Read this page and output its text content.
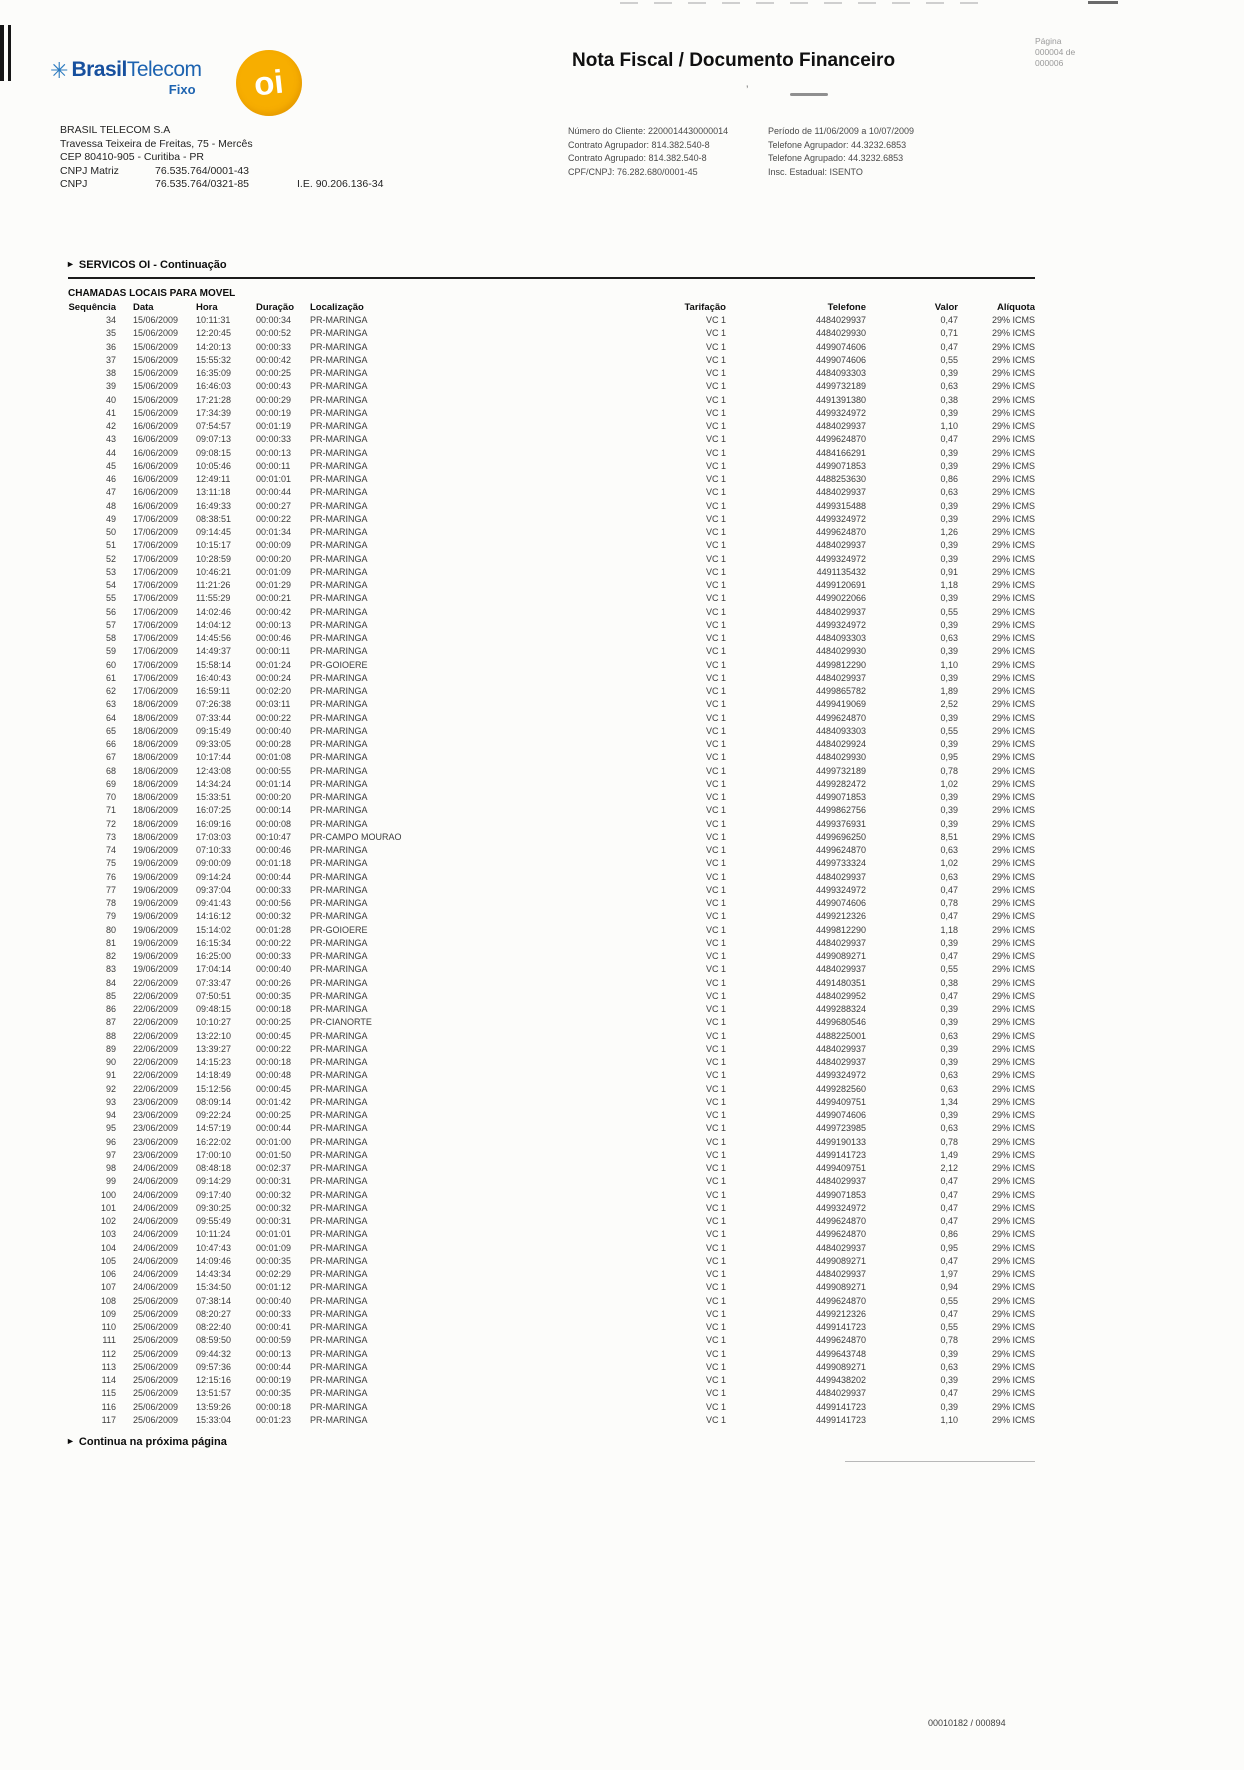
’
✳ BrasilTelecom
Fixo oi
Nota Fiscal / Documento Financeiro
Página
000004 de
000006
BRASIL TELECOM S.A
Travessa Teixeira de Freitas, 75 - Mercês
CEP 80410-905 - Curitiba - PR
CNPJ Matriz	76.535.764/0001-43
CNPJ	76.535.764/0321-85	I.E. 90.206.136-34
Número do Cliente: 2200014430000014
Contrato Agrupador: 814.382.540-8
Contrato Agrupado: 814.382.540-8
CPF/CNPJ: 76.282.680/0001-45
Período de 11/06/2009 a 10/07/2009
Telefone Agrupador: 44.3232.6853
Telefone Agrupado: 44.3232.6853
Insc. Estadual: ISENTO
► SERVICOS OI - Continuação
CHAMADAS LOCAIS PARA MOVEL
Sequência	Data	Hora	Duração	Localização	Tarifação	Telefone	Valor	Alíquota
34	15/06/2009	10:11:31	00:00:34	PR-MARINGA	VC 1	4484029937	0,47	29% ICMS
35	15/06/2009	12:20:45	00:00:52	PR-MARINGA	VC 1	4484029930	0,71	29% ICMS
36	15/06/2009	14:20:13	00:00:33	PR-MARINGA	VC 1	4499074606	0,47	29% ICMS
37	15/06/2009	15:55:32	00:00:42	PR-MARINGA	VC 1	4499074606	0,55	29% ICMS
38	15/06/2009	16:35:09	00:00:25	PR-MARINGA	VC 1	4484093303	0,39	29% ICMS
39	15/06/2009	16:46:03	00:00:43	PR-MARINGA	VC 1	4499732189	0,63	29% ICMS
40	15/06/2009	17:21:28	00:00:29	PR-MARINGA	VC 1	4491391380	0,38	29% ICMS
41	15/06/2009	17:34:39	00:00:19	PR-MARINGA	VC 1	4499324972	0,39	29% ICMS
42	16/06/2009	07:54:57	00:01:19	PR-MARINGA	VC 1	4484029937	1,10	29% ICMS
43	16/06/2009	09:07:13	00:00:33	PR-MARINGA	VC 1	4499624870	0,47	29% ICMS
44	16/06/2009	09:08:15	00:00:13	PR-MARINGA	VC 1	4484166291	0,39	29% ICMS
45	16/06/2009	10:05:46	00:00:11	PR-MARINGA	VC 1	4499071853	0,39	29% ICMS
46	16/06/2009	12:49:11	00:01:01	PR-MARINGA	VC 1	4488253630	0,86	29% ICMS
47	16/06/2009	13:11:18	00:00:44	PR-MARINGA	VC 1	4484029937	0,63	29% ICMS
48	16/06/2009	16:49:33	00:00:27	PR-MARINGA	VC 1	4499315488	0,39	29% ICMS
49	17/06/2009	08:38:51	00:00:22	PR-MARINGA	VC 1	4499324972	0,39	29% ICMS
50	17/06/2009	09:14:45	00:01:34	PR-MARINGA	VC 1	4499624870	1,26	29% ICMS
51	17/06/2009	10:15:17	00:00:09	PR-MARINGA	VC 1	4484029937	0,39	29% ICMS
52	17/06/2009	10:28:59	00:00:20	PR-MARINGA	VC 1	4499324972	0,39	29% ICMS
53	17/06/2009	10:46:21	00:01:09	PR-MARINGA	VC 1	4491135432	0,91	29% ICMS
54	17/06/2009	11:21:26	00:01:29	PR-MARINGA	VC 1	4499120691	1,18	29% ICMS
55	17/06/2009	11:55:29	00:00:21	PR-MARINGA	VC 1	4499022066	0,39	29% ICMS
56	17/06/2009	14:02:46	00:00:42	PR-MARINGA	VC 1	4484029937	0,55	29% ICMS
57	17/06/2009	14:04:12	00:00:13	PR-MARINGA	VC 1	4499324972	0,39	29% ICMS
58	17/06/2009	14:45:56	00:00:46	PR-MARINGA	VC 1	4484093303	0,63	29% ICMS
59	17/06/2009	14:49:37	00:00:11	PR-MARINGA	VC 1	4484029930	0,39	29% ICMS
60	17/06/2009	15:58:14	00:01:24	PR-GOIOERE	VC 1	4499812290	1,10	29% ICMS
61	17/06/2009	16:40:43	00:00:24	PR-MARINGA	VC 1	4484029937	0,39	29% ICMS
62	17/06/2009	16:59:11	00:02:20	PR-MARINGA	VC 1	4499865782	1,89	29% ICMS
63	18/06/2009	07:26:38	00:03:11	PR-MARINGA	VC 1	4499419069	2,52	29% ICMS
64	18/06/2009	07:33:44	00:00:22	PR-MARINGA	VC 1	4499624870	0,39	29% ICMS
65	18/06/2009	09:15:49	00:00:40	PR-MARINGA	VC 1	4484093303	0,55	29% ICMS
66	18/06/2009	09:33:05	00:00:28	PR-MARINGA	VC 1	4484029924	0,39	29% ICMS
67	18/06/2009	10:17:44	00:01:08	PR-MARINGA	VC 1	4484029930	0,95	29% ICMS
68	18/06/2009	12:43:08	00:00:55	PR-MARINGA	VC 1	4499732189	0,78	29% ICMS
69	18/06/2009	14:34:24	00:01:14	PR-MARINGA	VC 1	4499282472	1,02	29% ICMS
70	18/06/2009	15:33:51	00:00:20	PR-MARINGA	VC 1	4499071853	0,39	29% ICMS
71	18/06/2009	16:07:25	00:00:14	PR-MARINGA	VC 1	4499862756	0,39	29% ICMS
72	18/06/2009	16:09:16	00:00:08	PR-MARINGA	VC 1	4499376931	0,39	29% ICMS
73	18/06/2009	17:03:03	00:10:47	PR-CAMPO MOURAO	VC 1	4499696250	8,51	29% ICMS
74	19/06/2009	07:10:33	00:00:46	PR-MARINGA	VC 1	4499624870	0,63	29% ICMS
75	19/06/2009	09:00:09	00:01:18	PR-MARINGA	VC 1	4499733324	1,02	29% ICMS
76	19/06/2009	09:14:24	00:00:44	PR-MARINGA	VC 1	4484029937	0,63	29% ICMS
77	19/06/2009	09:37:04	00:00:33	PR-MARINGA	VC 1	4499324972	0,47	29% ICMS
78	19/06/2009	09:41:43	00:00:56	PR-MARINGA	VC 1	4499074606	0,78	29% ICMS
79	19/06/2009	14:16:12	00:00:32	PR-MARINGA	VC 1	4499212326	0,47	29% ICMS
80	19/06/2009	15:14:02	00:01:28	PR-GOIOERE	VC 1	4499812290	1,18	29% ICMS
81	19/06/2009	16:15:34	00:00:22	PR-MARINGA	VC 1	4484029937	0,39	29% ICMS
82	19/06/2009	16:25:00	00:00:33	PR-MARINGA	VC 1	4499089271	0,47	29% ICMS
83	19/06/2009	17:04:14	00:00:40	PR-MARINGA	VC 1	4484029937	0,55	29% ICMS
84	22/06/2009	07:33:47	00:00:26	PR-MARINGA	VC 1	4491480351	0,38	29% ICMS
85	22/06/2009	07:50:51	00:00:35	PR-MARINGA	VC 1	4484029952	0,47	29% ICMS
86	22/06/2009	09:48:15	00:00:18	PR-MARINGA	VC 1	4499288324	0,39	29% ICMS
87	22/06/2009	10:10:27	00:00:25	PR-CIANORTE	VC 1	4499680546	0,39	29% ICMS
88	22/06/2009	13:22:10	00:00:45	PR-MARINGA	VC 1	4488225001	0,63	29% ICMS
89	22/06/2009	13:39:27	00:00:22	PR-MARINGA	VC 1	4484029937	0,39	29% ICMS
90	22/06/2009	14:15:23	00:00:18	PR-MARINGA	VC 1	4484029937	0,39	29% ICMS
91	22/06/2009	14:18:49	00:00:48	PR-MARINGA	VC 1	4499324972	0,63	29% ICMS
92	22/06/2009	15:12:56	00:00:45	PR-MARINGA	VC 1	4499282560	0,63	29% ICMS
93	23/06/2009	08:09:14	00:01:42	PR-MARINGA	VC 1	4499409751	1,34	29% ICMS
94	23/06/2009	09:22:24	00:00:25	PR-MARINGA	VC 1	4499074606	0,39	29% ICMS
95	23/06/2009	14:57:19	00:00:44	PR-MARINGA	VC 1	4499723985	0,63	29% ICMS
96	23/06/2009	16:22:02	00:01:00	PR-MARINGA	VC 1	4499190133	0,78	29% ICMS
97	23/06/2009	17:00:10	00:01:50	PR-MARINGA	VC 1	4499141723	1,49	29% ICMS
98	24/06/2009	08:48:18	00:02:37	PR-MARINGA	VC 1	4499409751	2,12	29% ICMS
99	24/06/2009	09:14:29	00:00:31	PR-MARINGA	VC 1	4484029937	0,47	29% ICMS
100	24/06/2009	09:17:40	00:00:32	PR-MARINGA	VC 1	4499071853	0,47	29% ICMS
101	24/06/2009	09:30:25	00:00:32	PR-MARINGA	VC 1	4499324972	0,47	29% ICMS
102	24/06/2009	09:55:49	00:00:31	PR-MARINGA	VC 1	4499624870	0,47	29% ICMS
103	24/06/2009	10:11:24	00:01:01	PR-MARINGA	VC 1	4499624870	0,86	29% ICMS
104	24/06/2009	10:47:43	00:01:09	PR-MARINGA	VC 1	4484029937	0,95	29% ICMS
105	24/06/2009	14:09:46	00:00:35	PR-MARINGA	VC 1	4499089271	0,47	29% ICMS
106	24/06/2009	14:43:34	00:02:29	PR-MARINGA	VC 1	4484029937	1,97	29% ICMS
107	24/06/2009	15:34:50	00:01:12	PR-MARINGA	VC 1	4499089271	0,94	29% ICMS
108	25/06/2009	07:38:14	00:00:40	PR-MARINGA	VC 1	4499624870	0,55	29% ICMS
109	25/06/2009	08:20:27	00:00:33	PR-MARINGA	VC 1	4499212326	0,47	29% ICMS
110	25/06/2009	08:22:40	00:00:41	PR-MARINGA	VC 1	4499141723	0,55	29% ICMS
111	25/06/2009	08:59:50	00:00:59	PR-MARINGA	VC 1	4499624870	0,78	29% ICMS
112	25/06/2009	09:44:32	00:00:13	PR-MARINGA	VC 1	4499643748	0,39	29% ICMS
113	25/06/2009	09:57:36	00:00:44	PR-MARINGA	VC 1	4499089271	0,63	29% ICMS
114	25/06/2009	12:15:16	00:00:19	PR-MARINGA	VC 1	4499438202	0,39	29% ICMS
115	25/06/2009	13:51:57	00:00:35	PR-MARINGA	VC 1	4484029937	0,47	29% ICMS
116	25/06/2009	13:59:26	00:00:18	PR-MARINGA	VC 1	4499141723	0,39	29% ICMS
117	25/06/2009	15:33:04	00:01:23	PR-MARINGA	VC 1	4499141723	1,10	29% ICMS
► Continua na próxima página
00010182 / 000894
